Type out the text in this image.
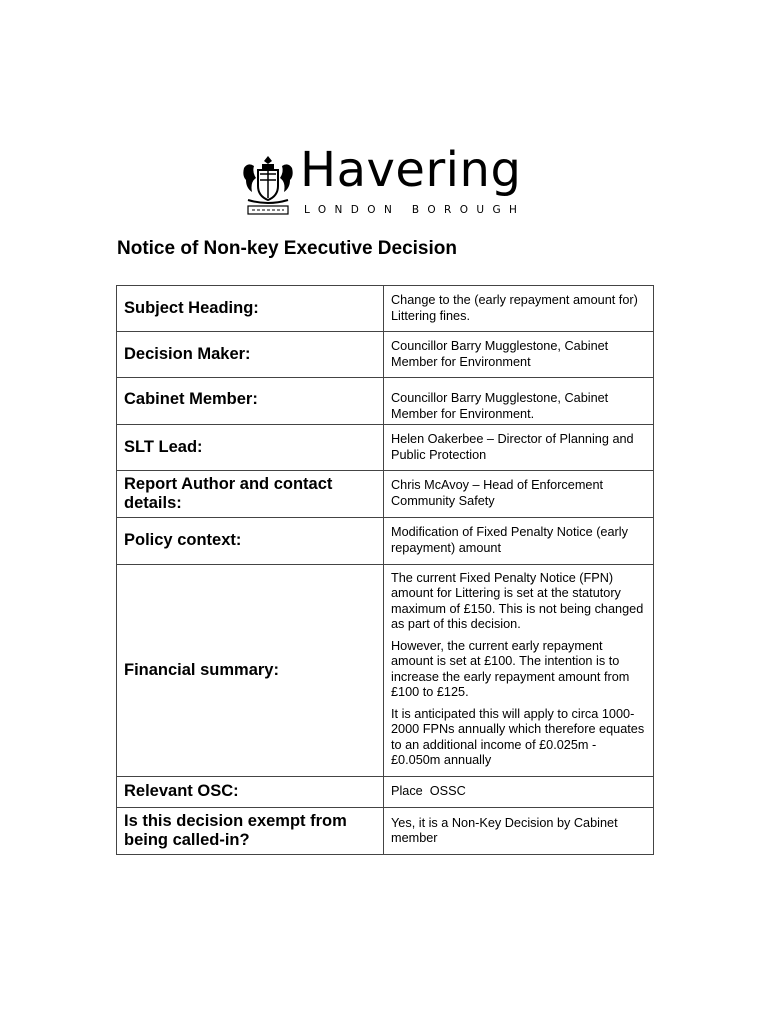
Havering
LONDON BOROUGH
Notice of Non-key Executive Decision
Subject Heading:	Change to the (early repayment amount for) Littering fines.

Decision Maker:	Councillor Barry Mugglestone, Cabinet Member for Environment

Cabinet Member:	Councillor Barry Mugglestone, Cabinet Member for Environment.

SLT Lead:	Helen Oakerbee – Director of Planning and Public Protection

Report Author and contact details:	Chris McAvoy – Head of Enforcement Community Safety

Policy context:	Modification of Fixed Penalty Notice (early repayment) amount

Financial summary:	The current Fixed Penalty Notice (FPN) amount for Littering is set at the statutory maximum of £150. This is not being changed as part of this decision.

However, the current early repayment amount is set at £100. The intention is to increase the early repayment amount from £100 to £125.

It is anticipated this will apply to circa 1000-2000 FPNs annually which therefore equates to an additional income of £0.025m - £0.050m annually

Relevant OSC:	Place  OSSC

Is this decision exempt from being called-in?	Yes, it is a Non-Key Decision by Cabinet member
